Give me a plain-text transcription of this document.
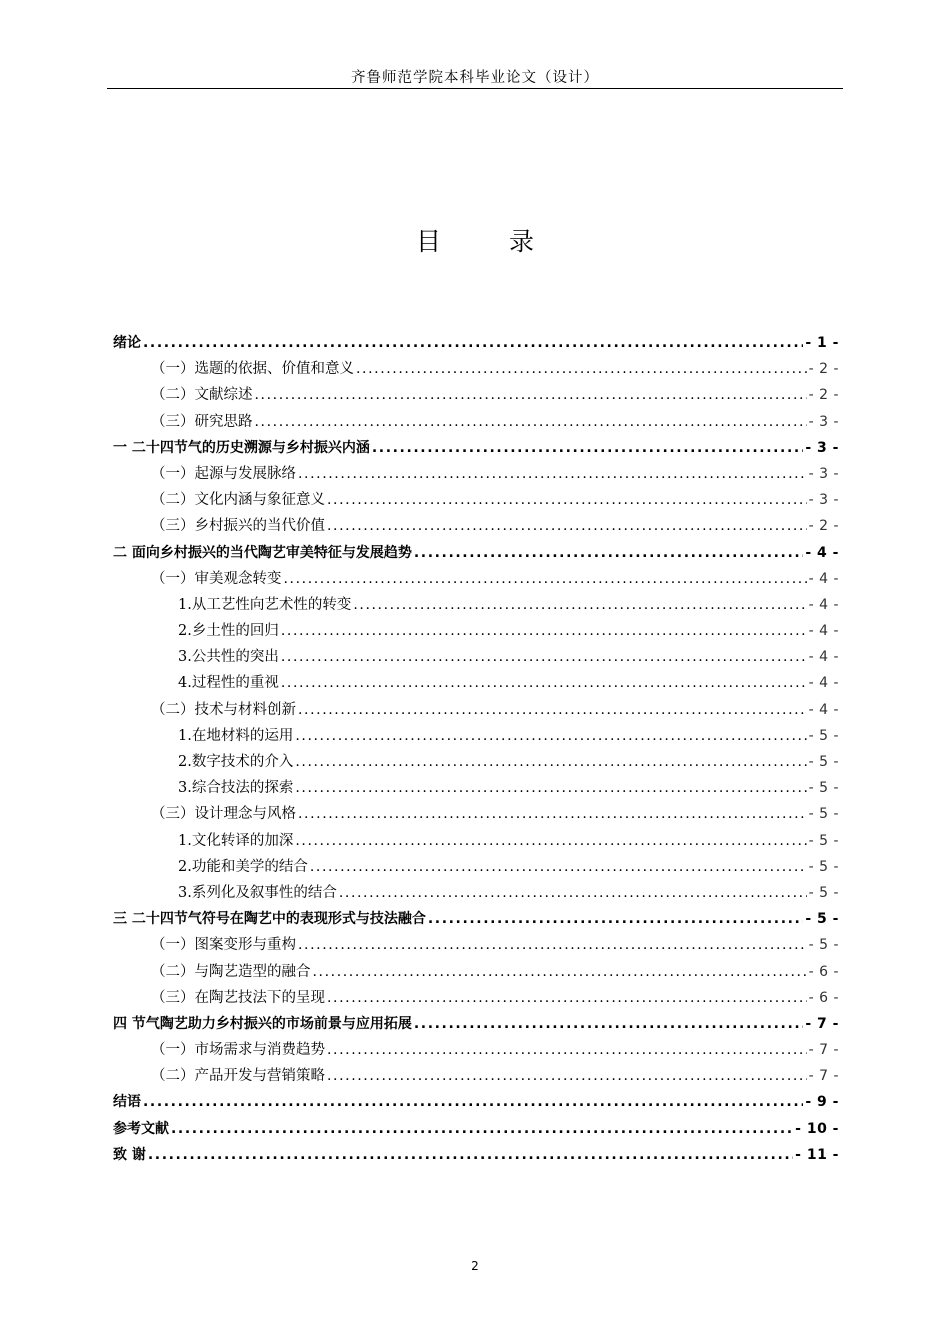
齐鲁师范学院本科毕业论文（设计）
目 录
绪论 .....	- 1 -
（一）选题的依据、价值和意义 .....	- 2 -
（二）文献综述 .....	- 2 -
（三）研究思路 .....	- 3 -
一 二十四节气的历史溯源与乡村振兴内涵 .....	- 3 -
（一）起源与发展脉络 .....	- 3 -
（二）文化内涵与象征意义 .....	- 3 -
（三）乡村振兴的当代价值 .....	- 2 -
二 面向乡村振兴的当代陶艺审美特征与发展趋势 .....	- 4 -
（一）审美观念转变 .....	- 4 -
1.从工艺性向艺术性的转变 .....	- 4 -
2.乡土性的回归 .....	- 4 -
3.公共性的突出 .....	- 4 -
4.过程性的重视 .....	- 4 -
（二）技术与材料创新 .....	- 4 -
1.在地材料的运用 .....	- 5 -
2.数字技术的介入 .....	- 5 -
3.综合技法的探索 .....	- 5 -
（三）设计理念与风格 .....	- 5 -
1.文化转译的加深 .....	- 5 -
2.功能和美学的结合 .....	- 5 -
3.系列化及叙事性的结合 .....	- 5 -
三 二十四节气符号在陶艺中的表现形式与技法融合 .....	- 5 -
（一）图案变形与重构 .....	- 5 -
（二）与陶艺造型的融合 .....	- 6 -
（三）在陶艺技法下的呈现 .....	- 6 -
四 节气陶艺助力乡村振兴的市场前景与应用拓展 .....	- 7 -
（一）市场需求与消费趋势 .....	- 7 -
（二）产品开发与营销策略 .....	- 7 -
结语 .....	- 9 -
参考文献 .....	- 10 -
致 谢 .....	- 11 -
2
